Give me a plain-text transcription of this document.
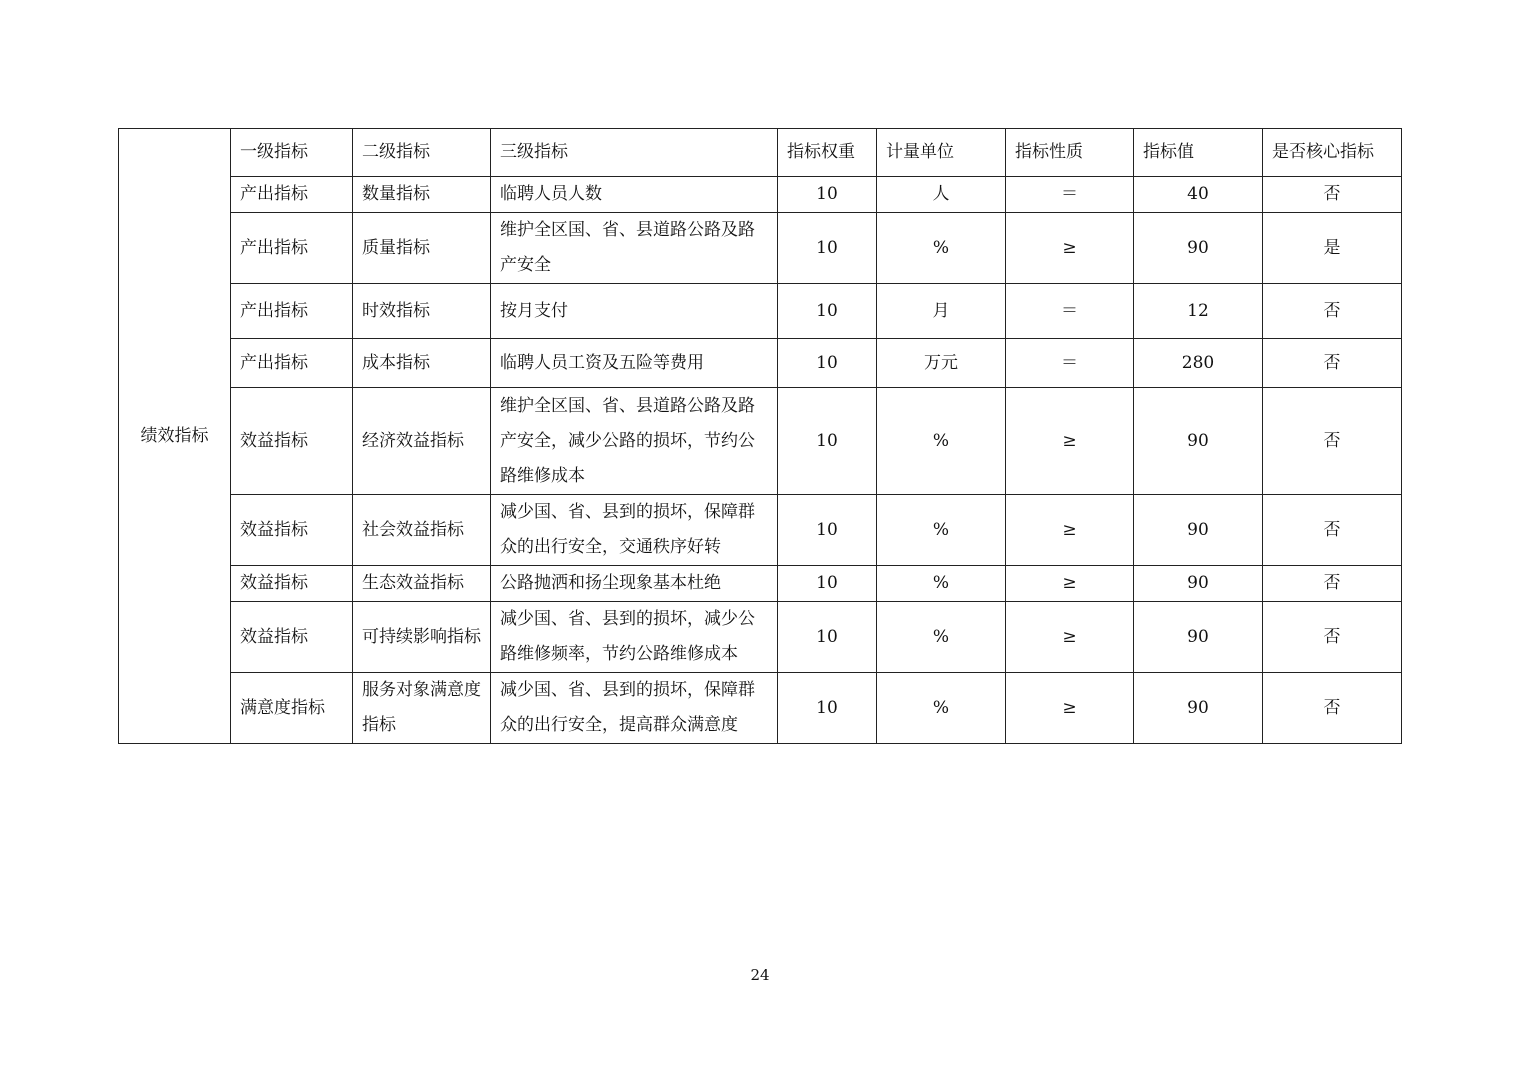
绩效指标	一级指标	二级指标	三级指标	指标权重	计量单位	指标性质	指标值	是否核心指标
	产出指标	数量指标	临聘人员人数	10	人	＝	40	否
	产出指标	质量指标	维护全区国、省、县道路公路及路产安全	10	%	≥	90	是
	产出指标	时效指标	按月支付	10	月	＝	12	否
	产出指标	成本指标	临聘人员工资及五险等费用	10	万元	＝	280	否
	效益指标	经济效益指标	维护全区国、省、县道路公路及路产安全，减少公路的损坏，节约公路维修成本	10	%	≥	90	否
	效益指标	社会效益指标	减少国、省、县到的损坏，保障群众的出行安全，交通秩序好转	10	%	≥	90	否
	效益指标	生态效益指标	公路抛洒和扬尘现象基本杜绝	10	%	≥	90	否
	效益指标	可持续影响指标	减少国、省、县到的损坏，减少公路维修频率，节约公路维修成本	10	%	≥	90	否
	满意度指标	服务对象满意度指标	减少国、省、县到的损坏，保障群众的出行安全，提高群众满意度	10	%	≥	90	否
24
